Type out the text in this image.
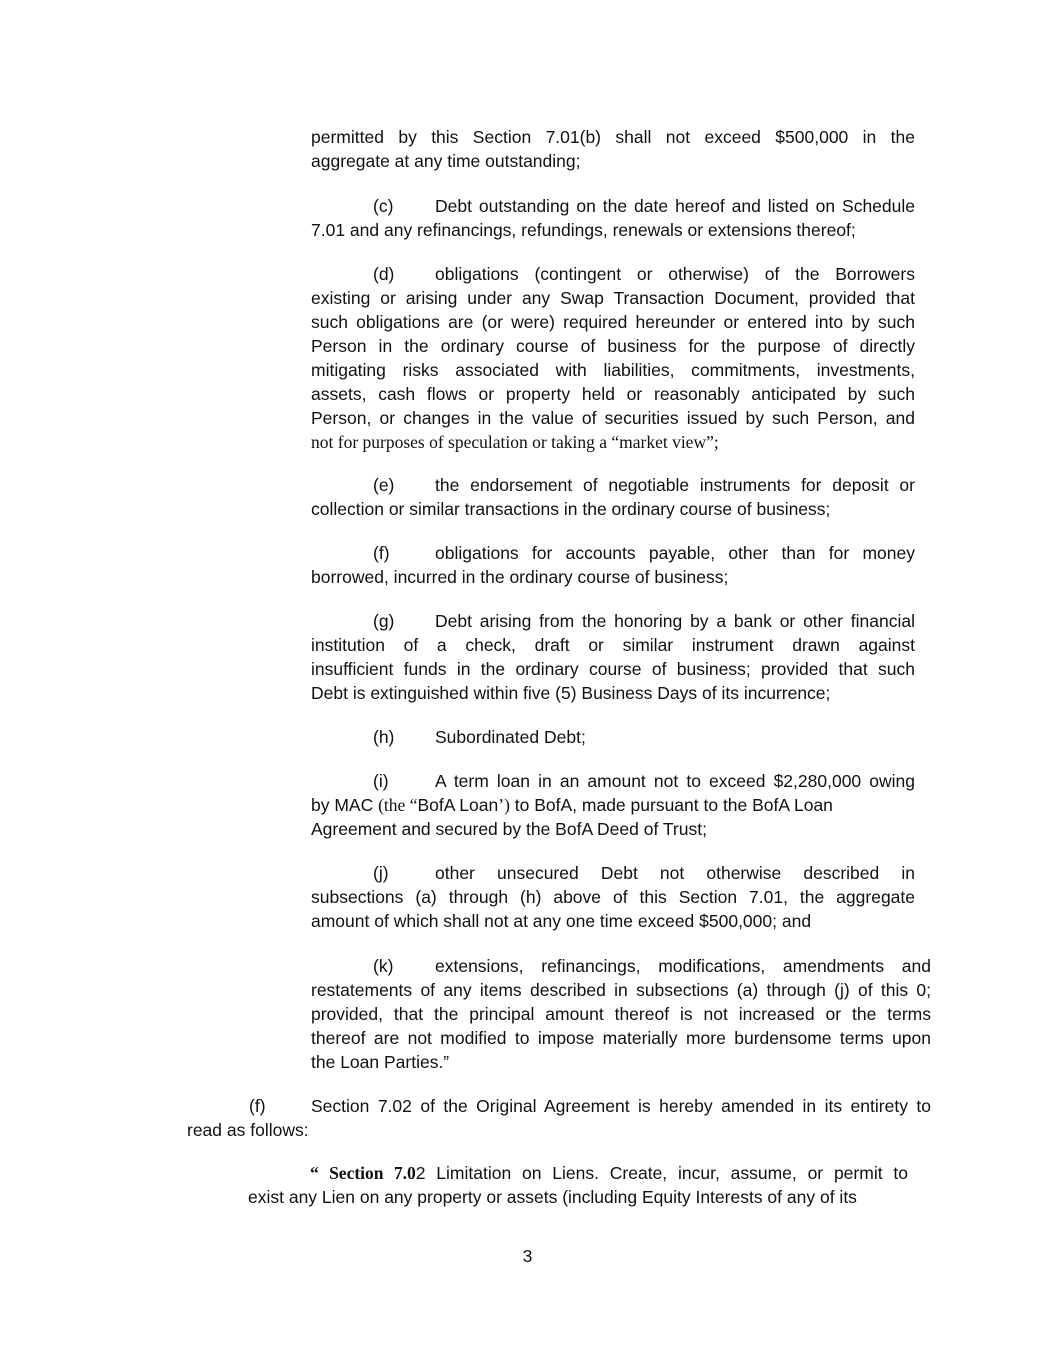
permitted by this Section 7.01(b) shall not exceed $500,000 in the
aggregate at any time outstanding;
(c) Debt outstanding on the date hereof and listed on Schedule
7.01 and any refinancings, refundings, renewals or extensions thereof;
(d) obligations (contingent or otherwise) of the Borrowers
existing or arising under any Swap Transaction Document, provided that
such obligations are (or were) required hereunder or entered into by such
Person in the ordinary course of business for the purpose of directly
mitigating risks associated with liabilities, commitments, investments,
assets, cash flows or property held or reasonably anticipated by such
Person, or changes in the value of securities issued by such Person, and
not for purposes of speculation or taking a “market view”;
(e) the endorsement of negotiable instruments for deposit or
collection or similar transactions in the ordinary course of business;
(f)	obligations for accounts payable, other than for money
borrowed, incurred in the ordinary course of business;
(g) Debt arising from the honoring by a bank or other financial
institution of a check, draft or similar instrument drawn against
insufficient funds in the ordinary course of business; provided that such
Debt is extinguished within five (5) Business Days of its incurrence;
(h) Subordinated Debt;
(i)	A term loan in an amount not to exceed $2,280,000 owing
by MAC (the “BofA Loan’) to BofA, made pursuant to the BofA Loan
Agreement and secured by the BofA Deed of Trust;
(j)	other unsecured Debt not otherwise described in
subsections (a) through (h) above of this Section 7.01, the aggregate
amount of which shall not at any one time exceed $500,000; and
(k) extensions, refinancings, modifications, amendments and
restatements of any items described in subsections (a) through (j) of this 0;
provided, that the principal amount thereof is not increased or the terms
thereof are not modified to impose materially more burdensome terms upon
the Loan Parties.”
(f)	Section 7.02 of the Original Agreement is hereby amended in its entirety to
read as follows:
“ Section 7.02 Limitation on Liens. Create, incur, assume, or permit to
exist any Lien on any property or assets (including Equity Interests of any of its
3
